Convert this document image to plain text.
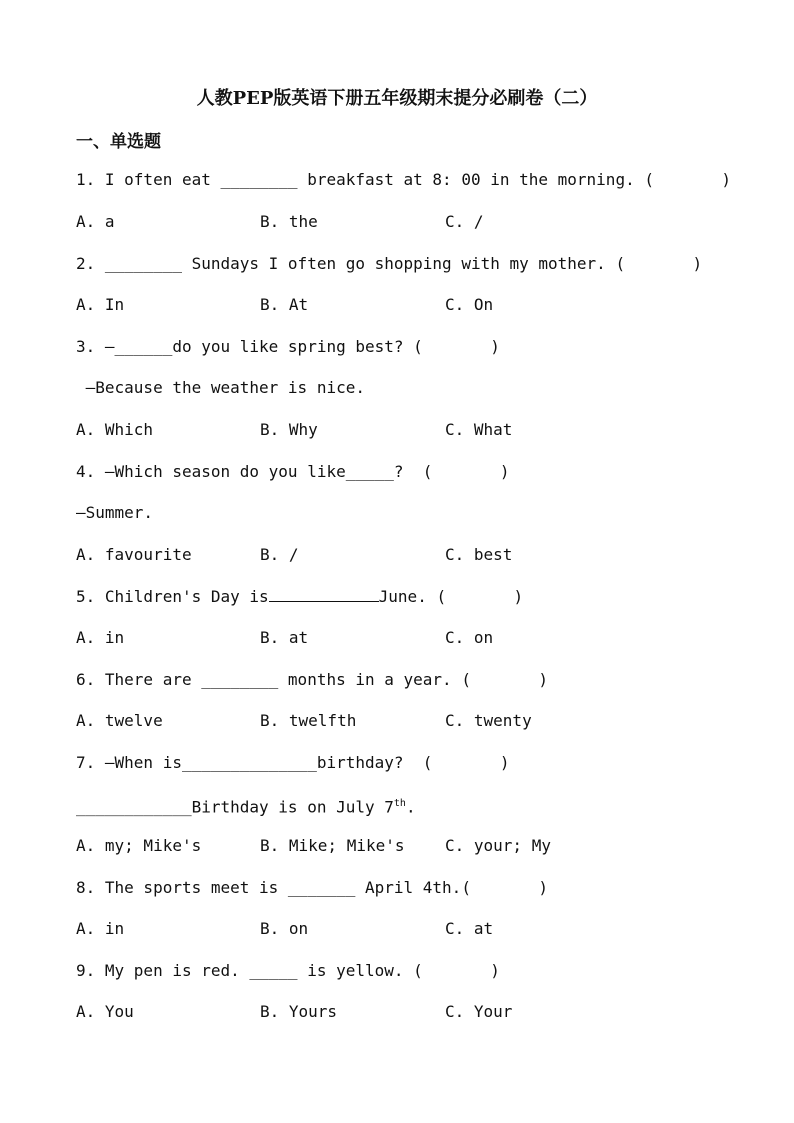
人教PEP版英语下册五年级期末提分必刷卷（二）
一、单选题
1. I often eat ________ breakfast at 8: 00 in the morning. (       )
A. a	B. the	C. /
2. ________ Sundays I often go shopping with my mother. (       )
A. In	B. At	C. On
3. —______do you like spring best? (       )
—Because the weather is nice.
A. Which	B. Why	C. What
4. —Which season do you like_____?  (       )
—Summer.
A. favourite	B. /	C. best
5. Children's Day is	June. (       )
A. in	B. at	C. on
6. There are ________ months in a year. (       )
A. twelve	B. twelfth	C. twenty
7. —When is______________birthday?  (       )
____________Birthday is on July 7th.
A. my; Mike's	B. Mike; Mike's	C. your; My
8. The sports meet is _______ April 4th.(       )
A. in	B. on	C. at
9. My pen is red. _____ is yellow. (       )
A. You	B. Yours	C. Your
